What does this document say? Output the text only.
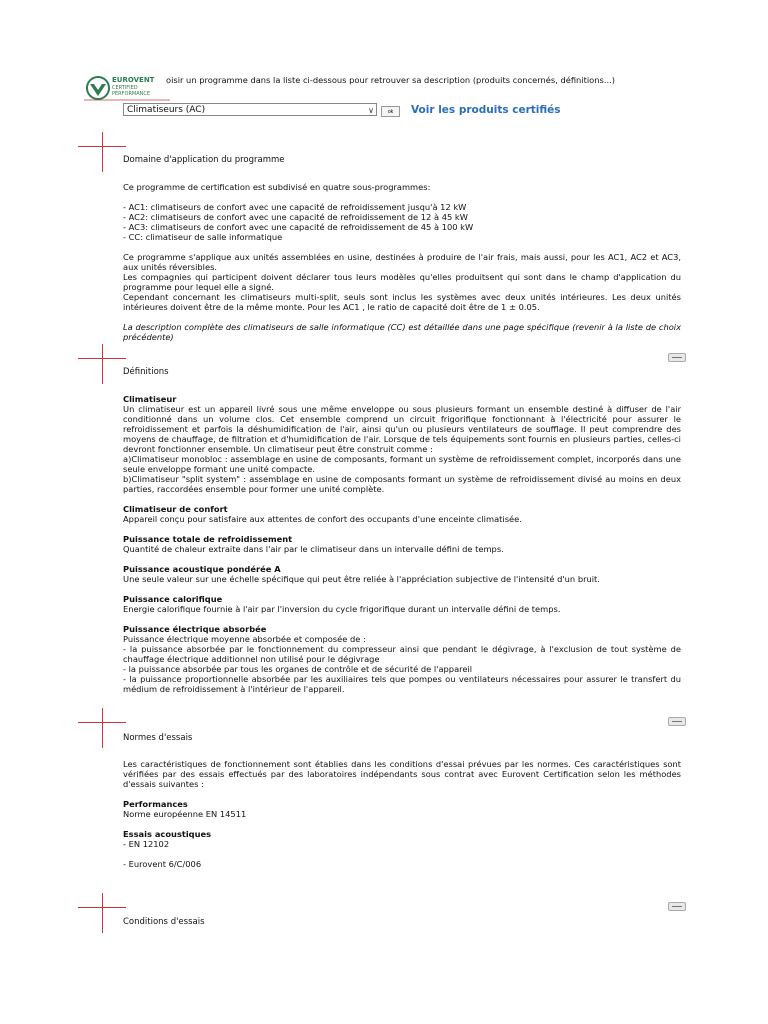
EUROVENT
CERTIFIED
PERFORMANCE
oisir un programme dans la liste ci-dessous pour retrouver sa description (produits concernés, définitions...)
Climatiseurs (AC)	∨	ok	Voir les produits certifiés
Domaine d'application du programme

Ce programme de certification est subdivisé en quatre sous-programmes:

- AC1: climatiseurs de confort avec une capacité de refroidissement jusqu'à 12 kW

- AC2: climatiseurs de confort avec une capacité de refroidissement de 12 à 45 kW

- AC3: climatiseurs de confort avec une capacité de refroidissement de 45 à 100 kW

- CC: climatiseur de salle informatique

Ce programme s'applique aux unités assemblées en usine, destinées à produire de l'air frais, mais aussi, pour les AC1, AC2 et AC3, aux unités réversibles.

Les compagnies qui participent doivent déclarer tous leurs modèles qu'elles produitsent qui sont dans le champ d'application du programme pour lequel elle a signé.

Cependant concernant les climatiseurs multi-split, seuls sont inclus les systèmes avec deux unités intérieures. Les deux unités intérieures doivent être de la même monte. Pour les AC1 , le ratio de capacité doit être de 1 ± 0.05.

La description complète des climatiseurs de salle informatique (CC) est détaillée dans une page spécifique (revenir à la liste de choix précédente)

Définitions

Climatiseur

Un climatiseur est un appareil livré sous une même enveloppe ou sous plusieurs formant un ensemble destiné à diffuser de l'air conditionné dans un volume clos. Cet ensemble comprend un circuit frigorifique fonctionnant à l'électricité pour assurer le refroidissement et parfois la déshumidification de l'air, ainsi qu'un ou plusieurs ventilateurs de soufflage. Il peut comprendre des moyens de chauffage, de filtration et d'humidification de l'air. Lorsque de tels équipements sont fournis en plusieurs parties, celles-ci devront fonctionner ensemble. Un climatiseur peut être construit comme :

a)Climatiseur monobloc : assemblage en usine de composants, formant un système de refroidissement complet, incorporés dans une seule enveloppe formant une unité compacte.

b)Climatiseur "split system" : assemblage en usine de composants formant un système de refroidissement divisé au moins en deux parties, raccordées ensemble pour former une unité complète.

Climatiseur de confort

Appareil conçu pour satisfaire aux attentes de confort des occupants d'une enceinte climatisée.

Puissance totale de refroidissement

Quantité de chaleur extraite dans l'air par le climatiseur dans un intervalle défini de temps.

Puissance acoustique pondérée A

Une seule valeur sur une échelle spécifique qui peut être reliée à l'appréciation subjective de l'intensité d'un bruit.

Puissance calorifique

Energie calorifique fournie à l'air par l'inversion du cycle frigorifique durant un intervalle défini de temps.

Puissance électrique absorbée

Puissance électrique moyenne absorbée et composée de :

- la puissance absorbée par le fonctionnement du compresseur ainsi que pendant le dégivrage, à l'exclusion de tout système de chauffage électrique additionnel non utilisé pour le dégivrage

- la puissance absorbée par tous les organes de contrôle et de sécurité de l'appareil

- la puissance proportionnelle absorbée par les auxiliaires tels que pompes ou ventilateurs nécessaires pour assurer le transfert du médium de refroidissement à l'intérieur de l'appareil.

Normes d'essais

Les caractéristiques de fonctionnement sont établies dans les conditions d'essai prévues par les normes. Ces caractéristiques sont vérifiées par des essais effectués par des laboratoires indépendants sous contrat avec Eurovent Certification selon les méthodes d'essais suivantes :

Performances

Norme européenne EN 14511

Essais acoustiques

- EN 12102

- Eurovent 6/C/006

Conditions d'essais
